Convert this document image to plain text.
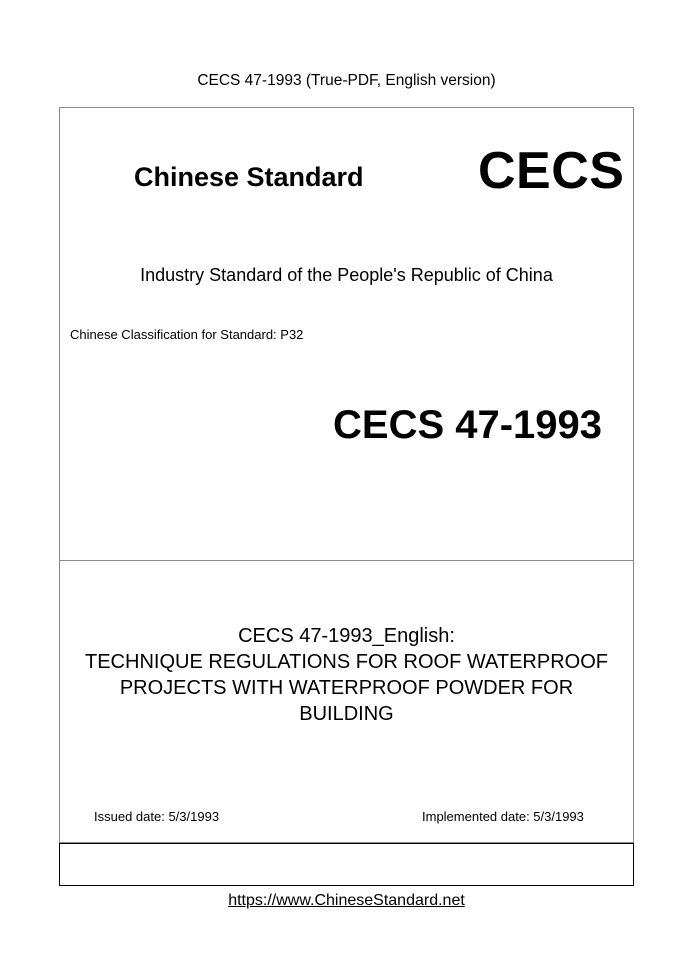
CECS 47-1993 (True-PDF, English version)
Chinese Standard CECS
Industry Standard of the People's Republic of China
Chinese Classification for Standard: P32
CECS 47-1993
CECS 47-1993_English:
TECHNIQUE REGULATIONS FOR ROOF WATERPROOF
PROJECTS WITH WATERPROOF POWDER FOR
BUILDING
Issued date: 5/3/1993	Implemented date: 5/3/1993
https://www.ChineseStandard.net
